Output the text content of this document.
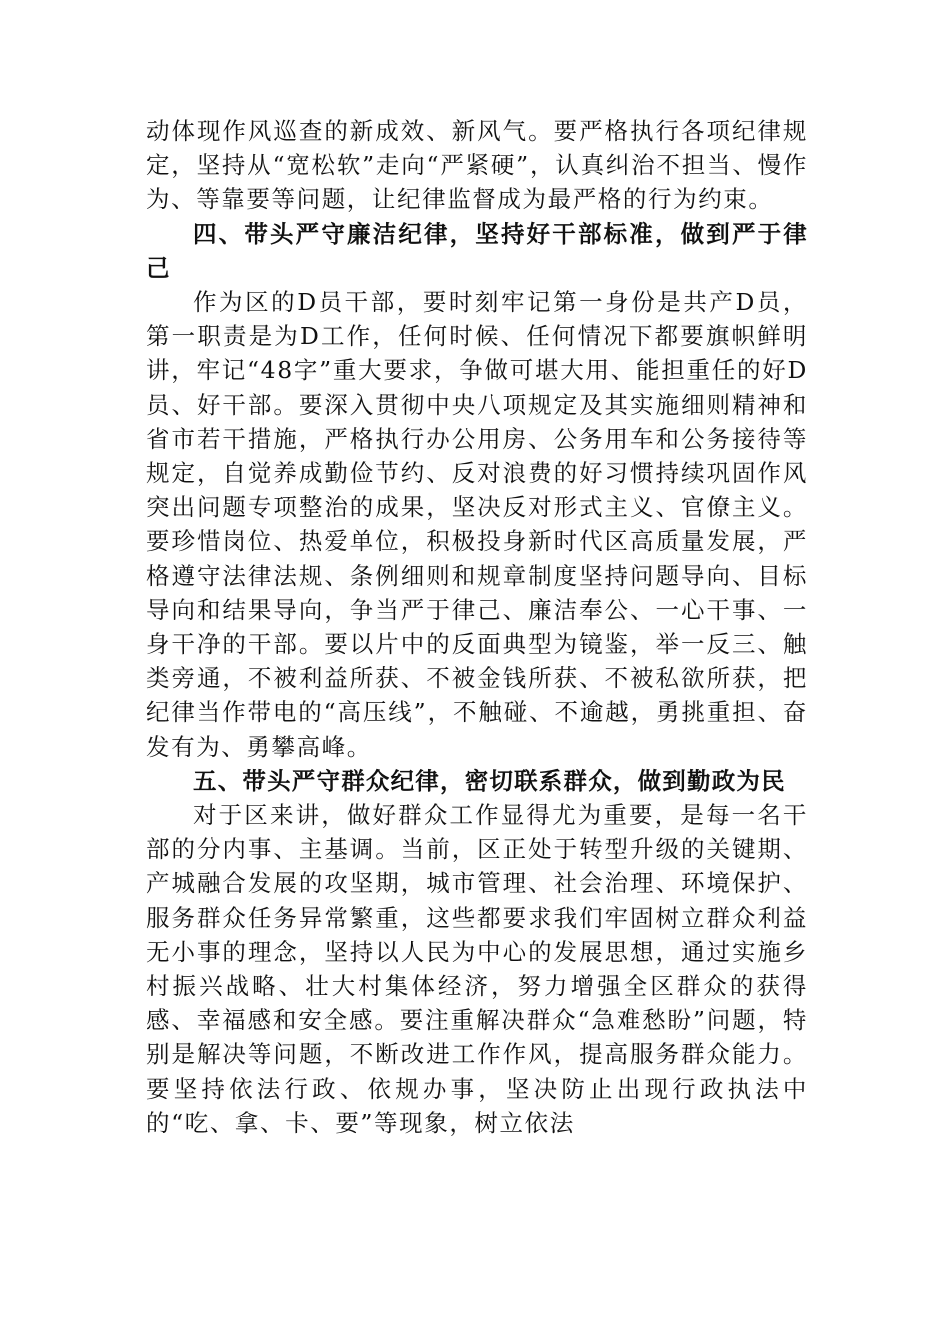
动体现作风巡查的新成效、新风气。要严格执行各项纪律规定，坚持从“宽松软”走向“严紧硬”，认真纠治不担当、慢作为、等靠要等问题，让纪律监督成为最严格的行为约束。

四、带头严守廉洁纪律，坚持好干部标准，做到严于律己

作为区的D员干部，要时刻牢记第一身份是共产D员，第一职责是为D工作，任何时候、任何情况下都要旗帜鲜明讲，牢记“48字”重大要求，争做可堪大用、能担重任的好D员、好干部。要深入贯彻中央八项规定及其实施细则精神和省市若干措施，严格执行办公用房、公务用车和公务接待等规定，自觉养成勤俭节约、反对浪费的好习惯持续巩固作风突出问题专项整治的成果，坚决反对形式主义、官僚主义。要珍惜岗位、热爱单位，积极投身新时代区高质量发展，严格遵守法律法规、条例细则和规章制度坚持问题导向、目标导向和结果导向，争当严于律己、廉洁奉公、一心干事、一身干净的干部。要以片中的反面典型为镜鉴，举一反三、触类旁通，不被利益所获、不被金钱所获、不被私欲所获，把纪律当作带电的“高压线”，不触碰、不逾越，勇挑重担、奋发有为、勇攀高峰。

五、带头严守群众纪律，密切联系群众，做到勤政为民

对于区来讲，做好群众工作显得尤为重要，是每一名干部的分内事、主基调。当前，区正处于转型升级的关键期、产城融合发展的攻坚期，城市管理、社会治理、环境保护、服务群众任务异常繁重，这些都要求我们牢固树立群众利益无小事的理念，坚持以人民为中心的发展思想，通过实施乡村振兴战略、壮大村集体经济，努力增强全区群众的获得感、幸福感和安全感。要注重解决群众“急难愁盼”问题，特别是解决等问题，不断改进工作作风，提高服务群众能力。要坚持依法行政、依规办事，坚决防止出现行政执法中的“吃、拿、卡、要”等现象，树立依法
